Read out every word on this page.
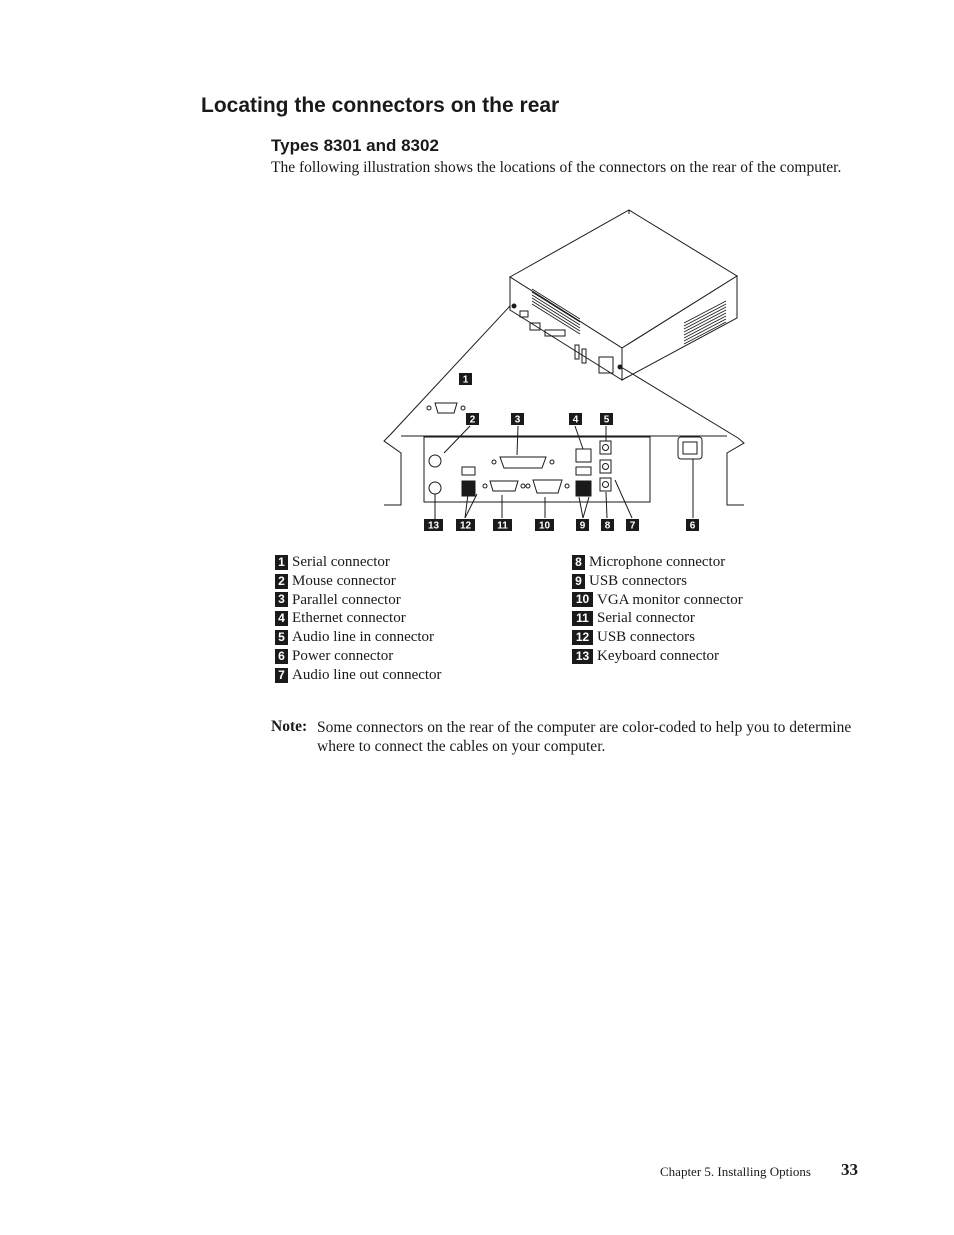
Locating the connectors on the rear
Types 8301 and 8302

The following illustration shows the locations of the connectors on the rear of the computer.

1
2	3	4	5
13 12	11	10	9 8 7	6
1 Serial connector
2 Mouse connector
3 Parallel connector
4 Ethernet connector
5 Audio line in connector
6 Power connector
7 Audio line out connector
8 Microphone connector
9 USB connectors
10 VGA monitor connector
11 Serial connector
12 USB connectors
13 Keyboard connector
Note: Some connectors on the rear of the computer are color-coded to help you to determine where to connect the cables on your computer.

Chapter 5. Installing Options 33
